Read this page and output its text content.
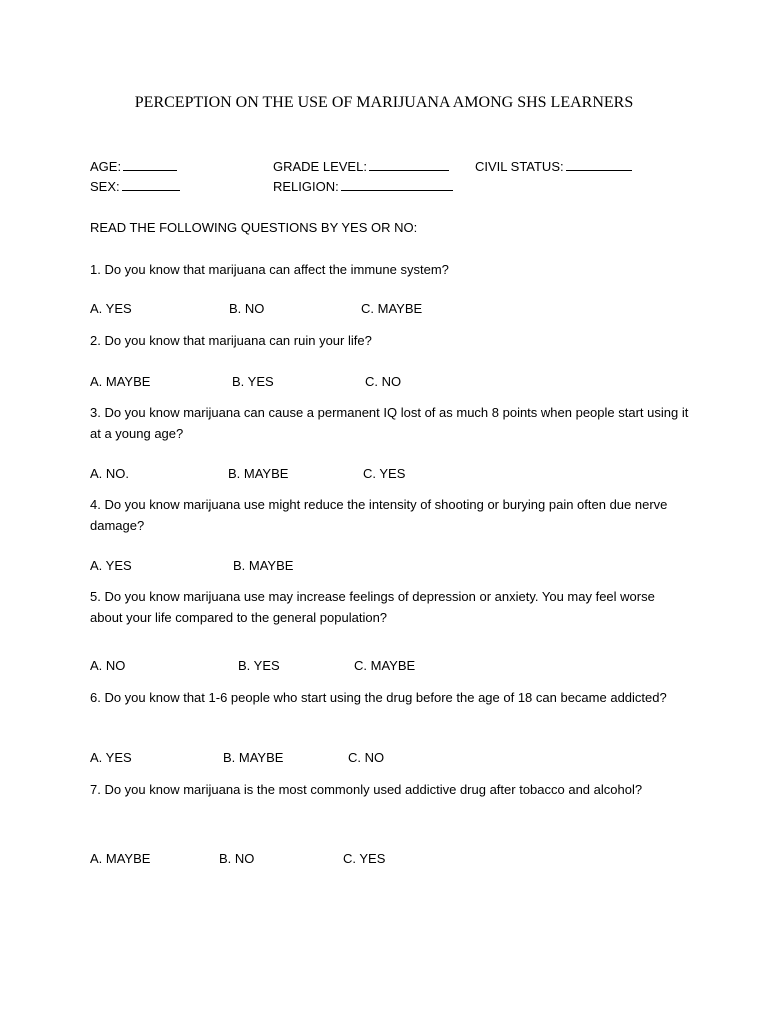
PERCEPTION ON THE USE OF MARIJUANA AMONG SHS LEARNERS
AGE:	GRADE LEVEL:	CIVIL STATUS:
SEX:	RELIGION:
READ THE FOLLOWING QUESTIONS BY YES OR NO:
1. Do you know that marijuana can affect the immune system?
A. YES	B. NO	C. MAYBE
2. Do you know that marijuana can ruin your life?
A. MAYBE	B. YES	C. NO
3. Do you know marijuana can cause a permanent IQ lost of as much 8 points when people start using it at a young age?
A. NO.	B. MAYBE	C. YES
4. Do you know marijuana use might reduce the intensity of shooting or burying pain often due nerve damage?
A. YES	B. MAYBE
5. Do you know marijuana use may increase feelings of depression or anxiety. You may feel worse about your life compared to the general population?
A. NO	B. YES	C. MAYBE
6. Do you know that 1-6 people who start using the drug before the age of 18 can became addicted?
A. YES	B. MAYBE	C. NO
7. Do you know marijuana is the most commonly used addictive drug after tobacco and alcohol?
A. MAYBE	B. NO	C. YES
